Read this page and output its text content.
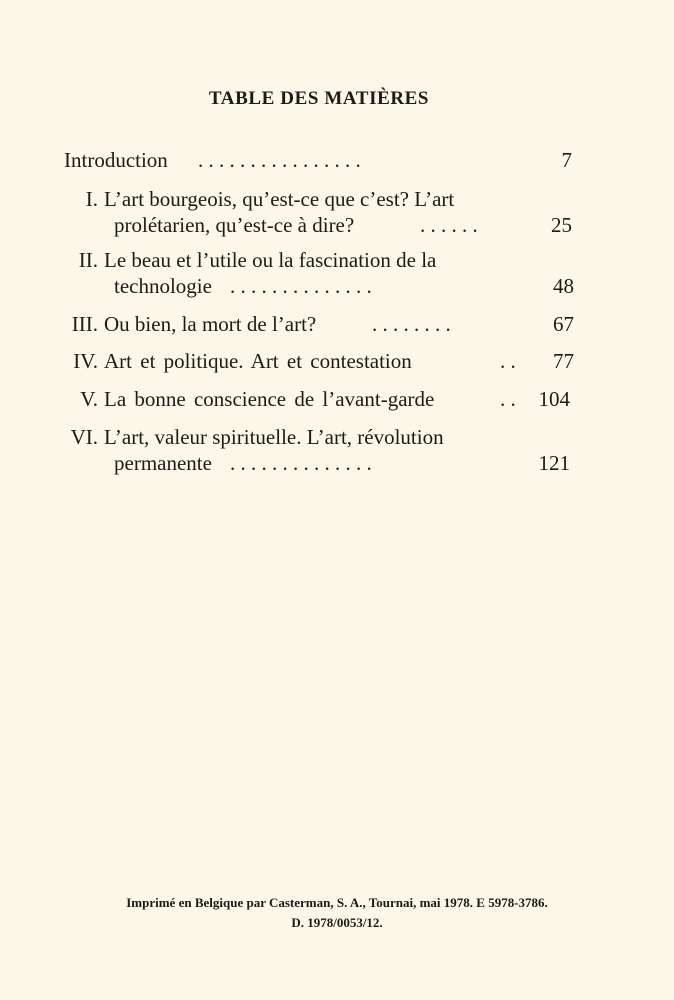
TABLE DES MATIÈRES
Introduction . . . . . . . . . . . . . . . .	7
I. L’art bourgeois, qu’est-ce que c’est? L’art
prolétarien, qu’est-ce à dire?	. . . . . .	25
II. Le beau et l’utile ou la fascination de la
technologie . . . . . . . . . . . . . .	48
III. Ou bien, la mort de l’art?	. . . . . . . .	67
IV. Art et politique. Art et contestation	. .	77
V. La bonne conscience de l’avant-garde	. .	104
VI. L’art, valeur spirituelle. L’art, révolution
permanente . . . . . . . . . . . . . .	121
Imprimé en Belgique par Casterman, S. A., Tournai, mai 1978. E 5978-3786.
D. 1978/0053/12.
